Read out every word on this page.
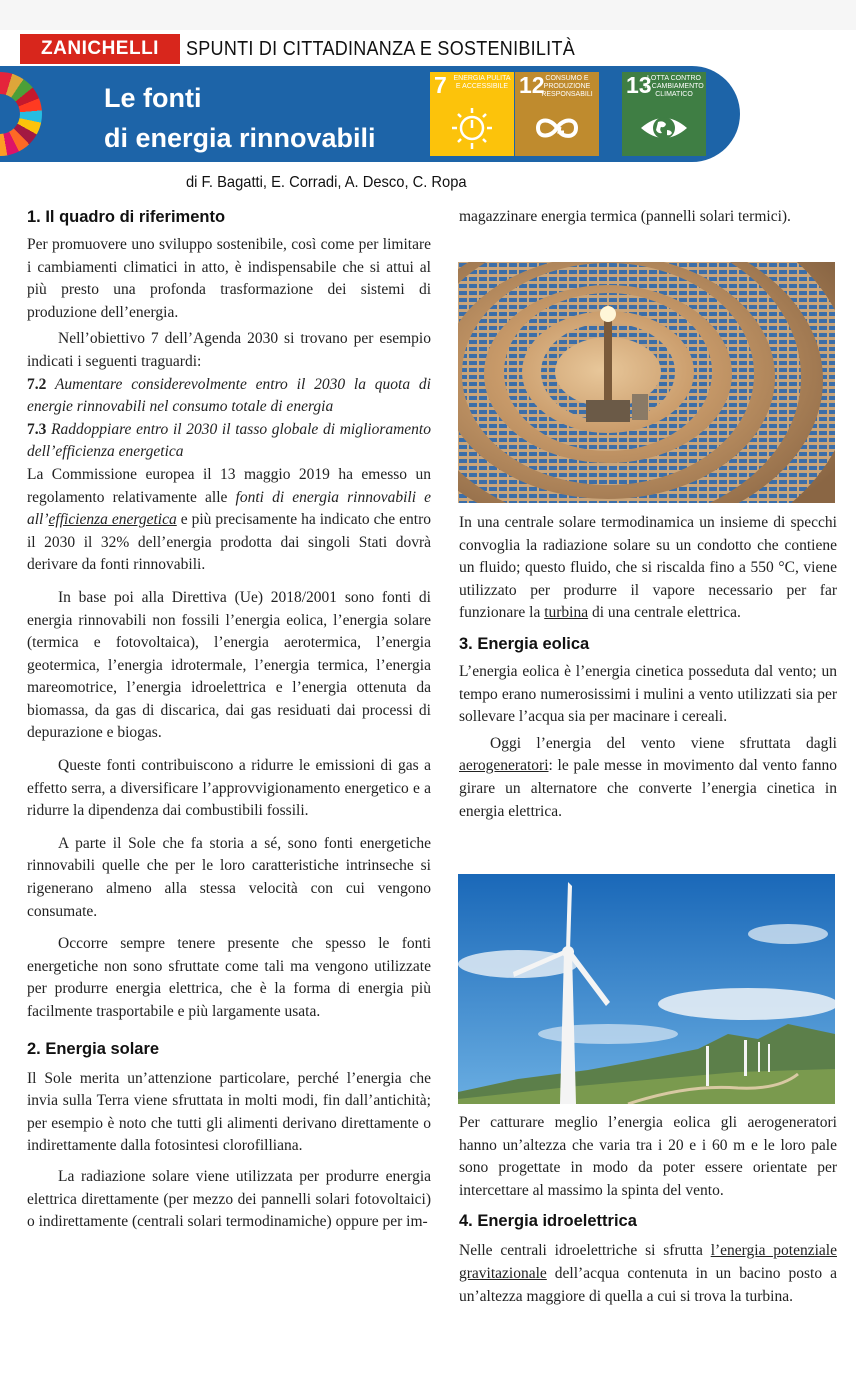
ZANICHELLI	SPUNTI DI CITTADINANZA E SOSTENIBILITÀ
Le fonti
di energia rinnovabili
7 ENERGIA PULITA E ACCESSIBILE 12 CONSUMO E PRODUZIONE RESPONSABILI 13
LOTTA CONTRO IL CAMBIAMENTO CLIMATICO
di F. Bagatti, E. Corradi, A. Desco, C. Ropa
1. Il quadro di riferimento

Per promuovere uno sviluppo sostenibile, così come per limitare i cambiamenti climatici in atto, è indispensabile che si attui al più presto una profonda trasformazione dei sistemi di produzione dell’energia.

Nell’obiettivo 7 dell’Agenda 2030 si trovano per esempio indicati i seguenti traguardi:

7.2 Aumentare considerevolmente entro il 2030 la quota di energie rinnovabili nel consumo totale di energia

7.3 Raddoppiare entro il 2030 il tasso globale di miglioramento dell’efficienza energetica

La Commissione europea il 13 maggio 2019 ha emesso un regolamento relativamente alle fonti di energia rinnovabili e all’efficienza energetica e più precisamente ha indicato che entro il 2030 il 32% dell’energia prodotta dai singoli Stati dovrà derivare da fonti rinnovabili.

In base poi alla Direttiva (Ue) 2018/2001 sono fonti di energia rinnovabili non fossili l’energia eolica, l’energia solare (termica e fotovoltaica), l’energia aerotermica, l’energia geotermica, l’energia idrotermale, l’energia termica, l’energia mareomotrice, l’energia idroelettrica e l’energia ottenuta da biomassa, da gas di discarica, dai gas residuati dai processi di depurazione e biogas.

Queste fonti contribuiscono a ridurre le emissioni di gas a effetto serra, a diversificare l’approvvigionamento energetico e a ridurre la dipendenza dai combustibili fossili.

A parte il Sole che fa storia a sé, sono fonti energetiche rinnovabili quelle che per le loro caratteristiche intrinseche si rigenerano almeno alla stessa velocità con cui vengono consumate.

Occorre sempre tenere presente che spesso le fonti energetiche non sono sfruttate come tali ma vengono utilizzate per produrre energia elettrica, che è la forma di energia più facilmente trasportabile e più largamente usata.

2. Energia solare

Il Sole merita un’attenzione particolare, perché l’energia che invia sulla Terra viene sfruttata in molti modi, fin dall’antichità; per esempio è noto che tutti gli alimenti derivano direttamente o indirettamente dalla fotosintesi clorofilliana.

La radiazione solare viene utilizzata per produrre energia elettrica direttamente (per mezzo dei pannelli solari fotovoltaici) o indirettamente (centrali solari termodinamiche) oppure per im-

magazzinare energia termica (pannelli solari termici).

In una centrale solare termodinamica un insieme di specchi convoglia la radiazione solare su un condotto che contiene un fluido; questo fluido, che si riscalda fino a 550 °C, viene utilizzato per produrre il vapore necessario per far funzionare la turbina di una centrale elettrica.

3. Energia eolica

L’energia eolica è l’energia cinetica posseduta dal vento; un tempo erano numerosissimi i mulini a vento utilizzati sia per sollevare l’acqua sia per macinare i cereali.

Oggi l’energia del vento viene sfruttata dagli aerogeneratori: le pale messe in movimento dal vento fanno girare un alternatore che converte l’energia cinetica in energia elettrica.

Per catturare meglio l’energia eolica gli aerogeneratori hanno un’altezza che varia tra i 20 e i 60 m e le loro pale sono progettate in modo da poter essere orientate per intercettare al massimo la spinta del vento.

4. Energia idroelettrica

Nelle centrali idroelettriche si sfrutta l’energia potenziale gravitazionale dell’acqua contenuta in un bacino posto a un’altezza maggiore di quella a cui si trova la turbina.
